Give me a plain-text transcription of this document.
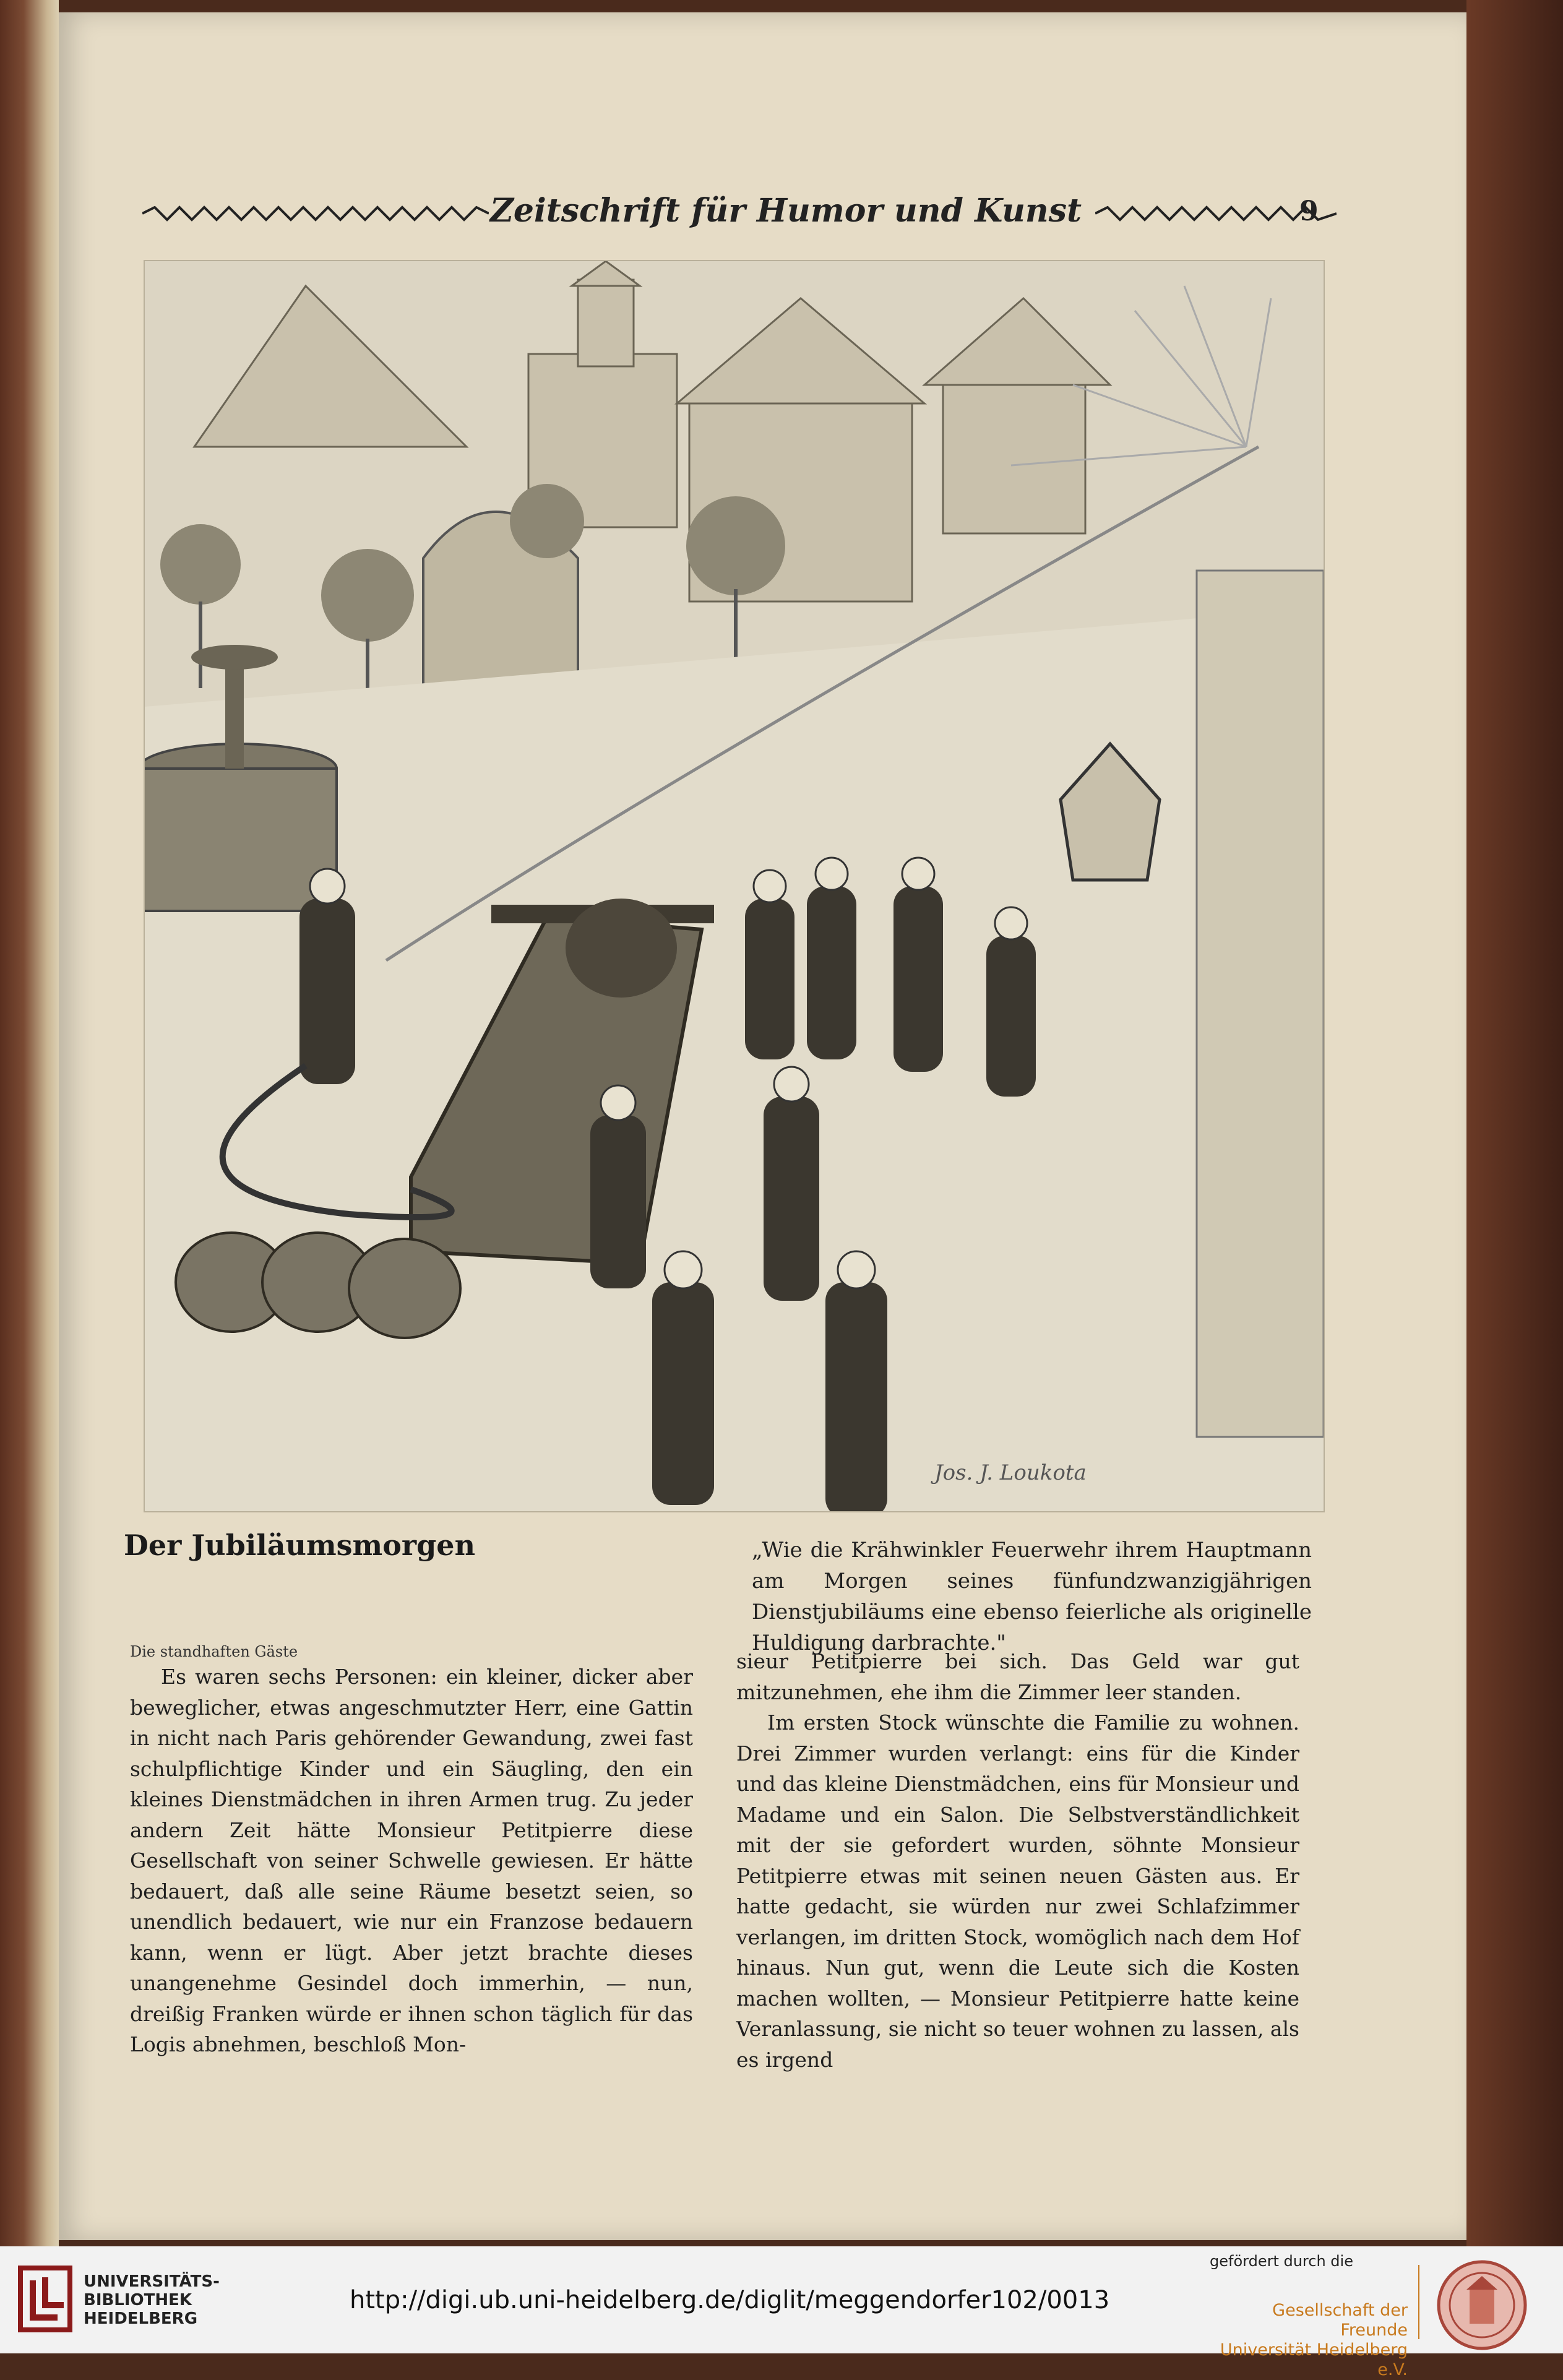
Zeitschrift für Humor und Kunst	9
Jos. J. Loukota
Der Jubiläumsmorgen	„Wie die Krähwinkler Feuerwehr ihrem Hauptmann am Morgen seines fünfundzwanzigjährigen Dienstjubiläums eine ebenso feierliche als originelle Huldigung darbrachte."
Die standhaften Gäste

Es waren sechs Personen: ein kleiner, dicker aber beweglicher, etwas angeschmutzter Herr, eine Gattin in nicht nach Paris gehörender Gewandung, zwei fast schulpflichtige Kinder und ein Säugling, den ein kleines Dienstmädchen in ihren Armen trug. Zu jeder andern Zeit hätte Monsieur Petitpierre diese Gesellschaft von seiner Schwelle gewiesen. Er hätte bedauert, daß alle seine Räume besetzt seien, so unendlich bedauert, wie nur ein Franzose bedauern kann, wenn er lügt. Aber jetzt brachte dieses unangenehme Gesindel doch immerhin, — nun, dreißig Franken würde er ihnen schon täglich für das Logis abnehmen, beschloß Mon-

sieur Petitpierre bei sich. Das Geld war gut mitzunehmen, ehe ihm die Zimmer leer standen.

Im ersten Stock wünschte die Familie zu wohnen. Drei Zimmer wurden verlangt: eins für die Kinder und das kleine Dienstmädchen, eins für Monsieur und Madame und ein Salon. Die Selbstverständlichkeit mit der sie gefordert wurden, söhnte Monsieur Petitpierre etwas mit seinen neuen Gästen aus. Er hatte gedacht, sie würden nur zwei Schlafzimmer verlangen, im dritten Stock, womöglich nach dem Hof hinaus. Nun gut, wenn die Leute sich die Kosten machen wollten, — Monsieur Petitpierre hatte keine Veranlassung, sie nicht so teuer wohnen zu lassen, als es irgend

UNIVERSITÄTS-
BIBLIOTHEK
HEIDELBERG
http://digi.ub.uni-heidelberg.de/diglit/meggendorfer102/0013
gefördert durch die
Gesellschaft der Freunde
Universität Heidelberg e.V.
